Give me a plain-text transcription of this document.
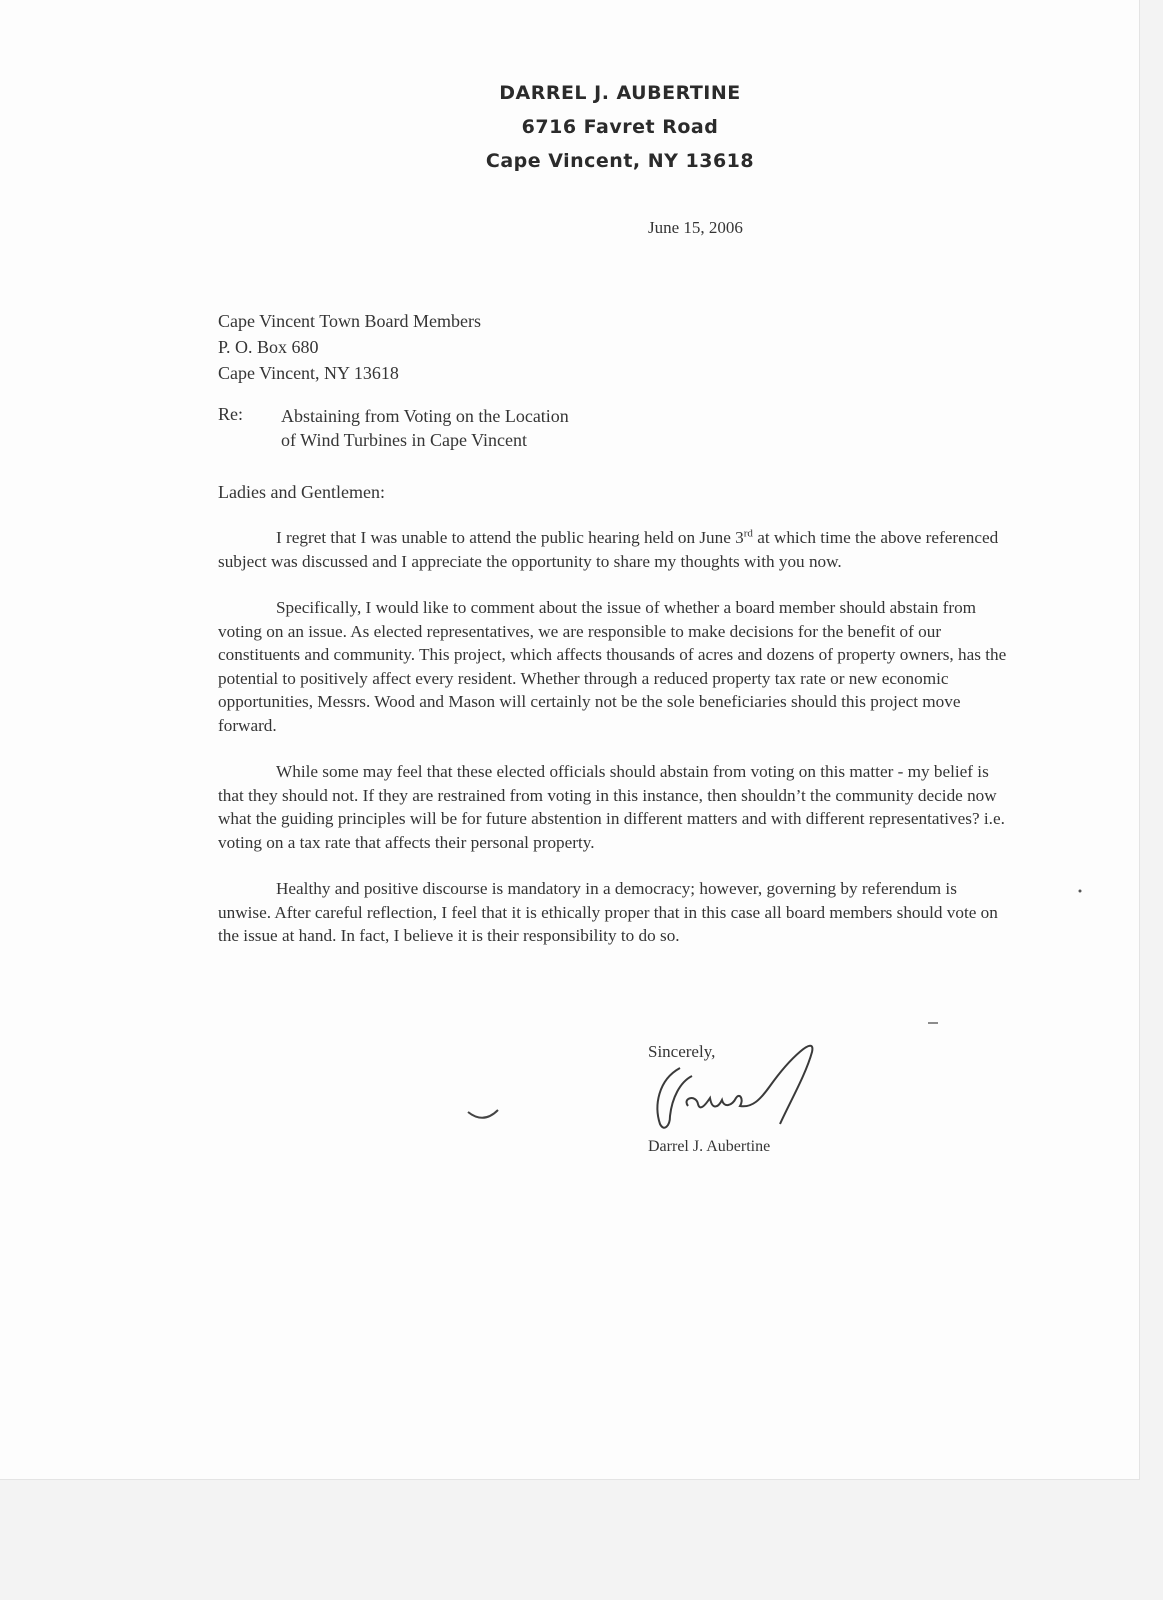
DARREL J. AUBERTINE
6716 Favret Road
Cape Vincent, NY 13618
June 15, 2006
Cape Vincent Town Board Members
P. O. Box 680
Cape Vincent, NY 13618
Re: Abstaining from Voting on the Location
of Wind Turbines in Cape Vincent
Ladies and Gentlemen:

I regret that I was unable to attend the public hearing held on June 3rd at which time the above referenced subject was discussed and I appreciate the opportunity to share my thoughts with you now.

Specifically, I would like to comment about the issue of whether a board member should abstain from voting on an issue. As elected representatives, we are responsible to make decisions for the benefit of our constituents and community. This project, which affects thousands of acres and dozens of property owners, has the potential to positively affect every resident. Whether through a reduced property tax rate or new economic opportunities, Messrs. Wood and Mason will certainly not be the sole beneficiaries should this project move forward.

While some may feel that these elected officials should abstain from voting on this matter - my belief is that they should not. If they are restrained from voting in this instance, then shouldn’t the community decide now what the guiding principles will be for future abstention in different matters and with different representatives? i.e. voting on a tax rate that affects their personal property.

Healthy and positive discourse is mandatory in a democracy; however, governing by referendum is unwise. After careful reflection, I feel that it is ethically proper that in this case all board members should vote on the issue at hand. In fact, I believe it is their responsibility to do so.

Sincerely,
Darrel J. Aubertine
